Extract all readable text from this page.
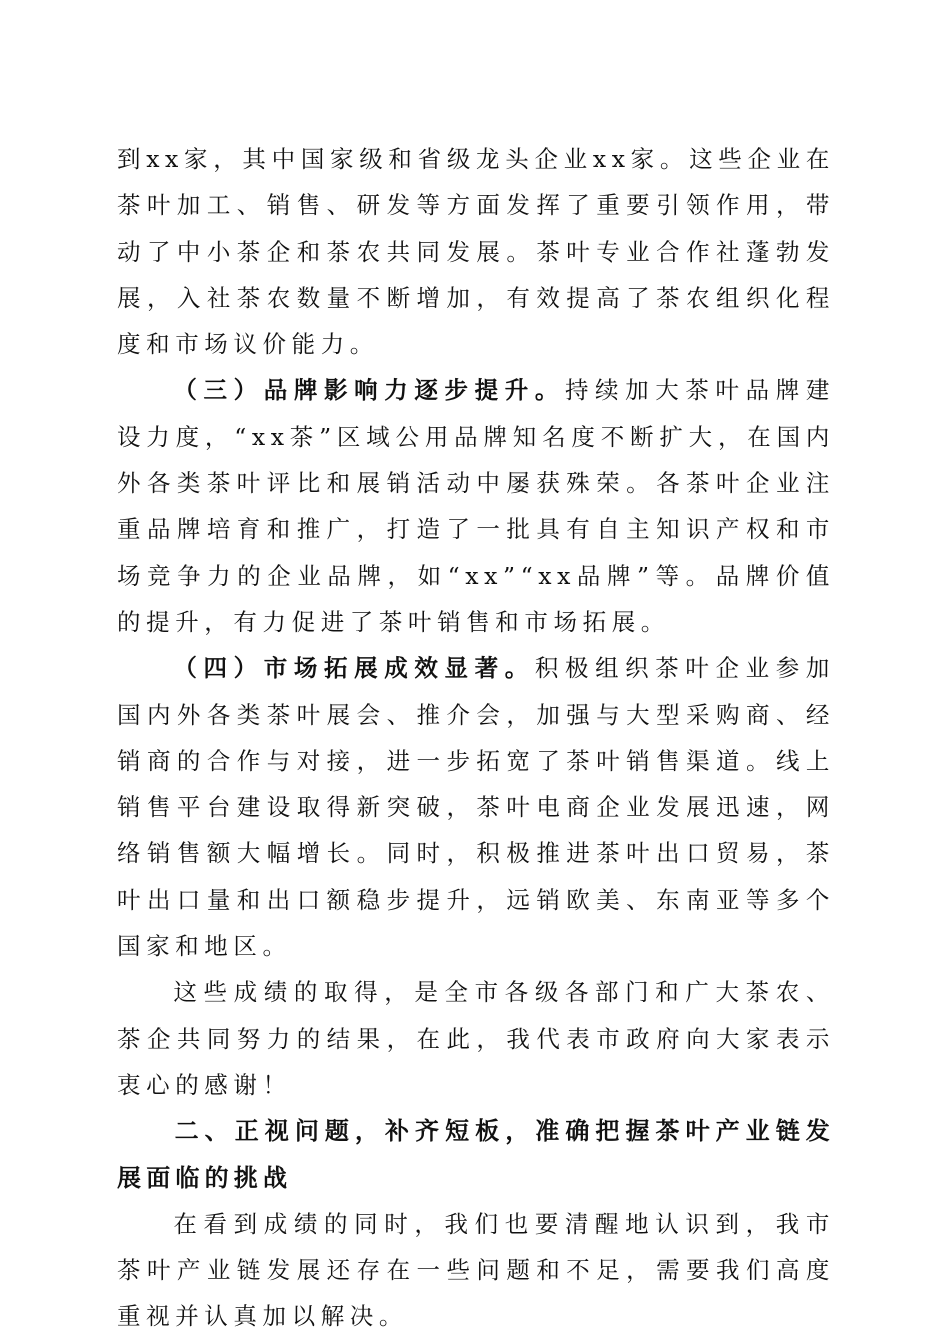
到xx家，其中国家级和省级龙头企业xx家。这些企业在茶叶加工、销售、研发等方面发挥了重要引领作用，带动了中小茶企和茶农共同发展。茶叶专业合作社蓬勃发展，入社茶农数量不断增加，有效提高了茶农组织化程度和市场议价能力。

（三）品牌影响力逐步提升。持续加大茶叶品牌建设力度，“xx茶”区域公用品牌知名度不断扩大，在国内外各类茶叶评比和展销活动中屡获殊荣。各茶叶企业注重品牌培育和推广，打造了一批具有自主知识产权和市场竞争力的企业品牌，如“xx”“xx品牌”等。品牌价值的提升，有力促进了茶叶销售和市场拓展。

（四）市场拓展成效显著。积极组织茶叶企业参加国内外各类茶叶展会、推介会，加强与大型采购商、经销商的合作与对接，进一步拓宽了茶叶销售渠道。线上销售平台建设取得新突破，茶叶电商企业发展迅速，网络销售额大幅增长。同时，积极推进茶叶出口贸易，茶叶出口量和出口额稳步提升，远销欧美、东南亚等多个国家和地区。

这些成绩的取得，是全市各级各部门和广大茶农、茶企共同努力的结果，在此，我代表市政府向大家表示衷心的感谢！

二、正视问题，补齐短板，准确把握茶叶产业链发展面临的挑战

在看到成绩的同时，我们也要清醒地认识到，我市茶叶产业链发展还存在一些问题和不足，需要我们高度重视并认真加以解决。
